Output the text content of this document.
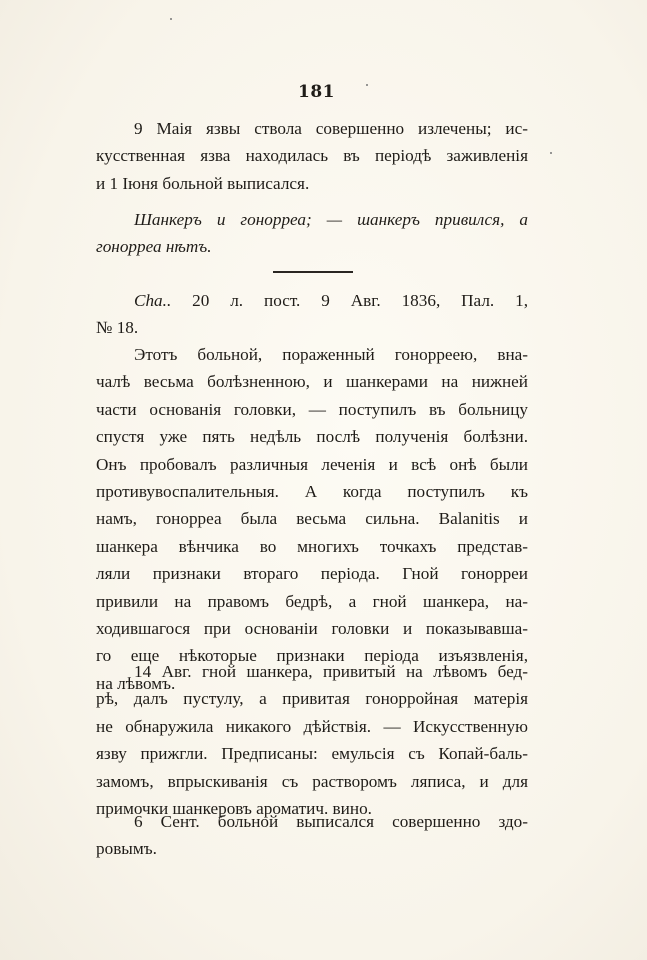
181
9 Маія язвы ствола совершенно излечены; ис-
кусственная язва находилась въ періодѣ заживленія
и 1 Іюня больной выписался.
Шанкеръ и гонорреа; — шанкеръ привился, а
гонорреа нѣтъ.
Сhа.. 20 л. пост. 9 Авг. 1836, Пал. 1,
№ 18.
Этотъ больной, пораженный гонорреею, вна-
чалѣ весьма болѣзненною, и шанкерами на нижней
части основанія головки, — поступилъ въ больницу
спустя уже пять недѣль послѣ полученія болѣзни.
Онъ пробовалъ различныя леченія и всѣ онѣ были
противувоспалительныя. А когда поступилъ къ
намъ, гонорреа была весьма сильна. Balanitis и
шанкера вѣнчика во многихъ точкахъ представ-
ляли признаки втораго періода. Гной гонорреи
привили на правомъ бедрѣ, а гной шанкера, на-
ходившагося при основаніи головки и показывавша-
го еще нѣкоторые признаки періода изъязвленія,
на лѣвомъ.
14 Авг. гной шанкера, привитый на лѣвомъ бед-
рѣ, далъ пустулу, а привитая гонорройная матерія
не обнаружила никакого дѣйствія. — Искусственную
язву прижгли. Предписаны: емульсія съ Копай-баль-
замомъ, впрыскиванія съ растворомъ ляписа, и для
примочки шанкеровъ ароматич. вино.
6 Сент. больной выписался совершенно здо-
ровымъ.
